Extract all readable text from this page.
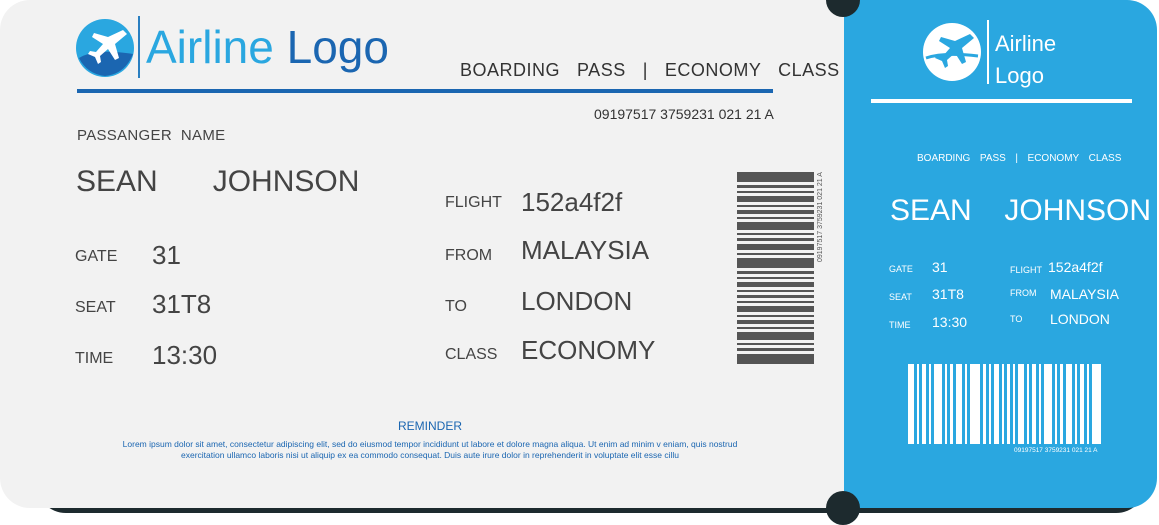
Airline Logo	BOARDING  PASS  |  ECONOMY  CLASS
09197517 3759231 021 21 A
PASSANGER  NAME
SEAN   JOHNSON
GATE 31
SEAT 31T8
TIME 13:30
FLIGHT 152a4f2f
FROM MALAYSIA
TO LONDON
CLASS ECONOMY
09197517 3759231 021 21 A
REMINDER
Lorem ipsum dolor sit amet, consectetur adipiscing elit, sed do eiusmod tempor incididunt ut labore et dolore magna aliqua. Ut enim ad minim v eniam, quis nostrud exercitation ullamco laboris nisi ut aliquip ex ea commodo consequat. Duis aute irure dolor in reprehenderit in voluptate elit esse cillu
Airline
Logo
BOARDING  PASS  |  ECONOMY  CLASS
SEAN  JOHNSON
GATE 31
SEAT 31T8
TIME 13:30
FLIGHT 152a4f2f
FROM MALAYSIA
TO LONDON
09197517 3759231 021 21 A
